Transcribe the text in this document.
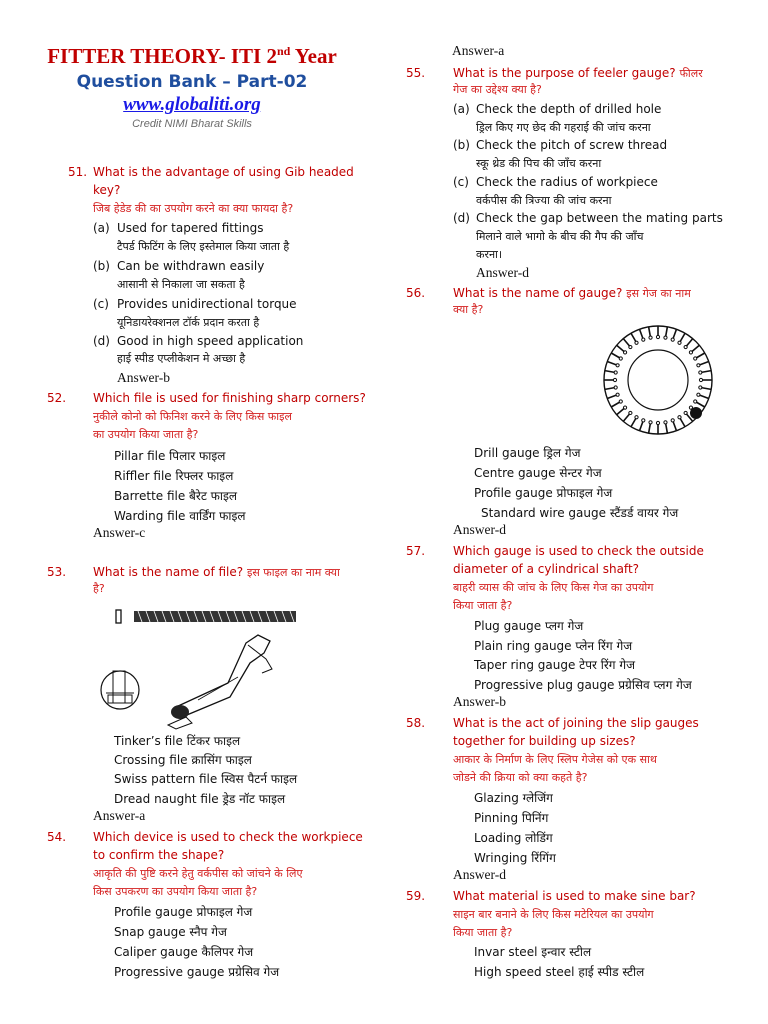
FITTER THEORY- ITI 2nd Year
Question Bank – Part-02
www.globaliti.org
Credit NIMI Bharat Skills
51. What is the advantage of using Gib headed
key?
जिब हेडेड की का उपयोग करने का क्या फायदा है?
(a) Used for tapered fittings
टैपर्ड फिटिंग के लिए इस्तेमाल किया जाता है
(b) Can be withdrawn easily
आसानी से निकाला जा सकता है
(c) Provides unidirectional torque
यूनिडायरेक्शनल टॉर्क प्रदान करता है
(d) Good in high speed application
हाई स्पीड एप्लीकेशन मे अच्छा है
Answer-b
52. Which file is used for finishing sharp corners?
नुकीले कोनो को फिनिश करने के लिए किस फाइल
का उपयोग किया जाता है?
Pillar file पिलार फाइल
Riffler file रिफ्लर फाइल
Barrette file बैरेट फाइल
Warding file वार्डिंग फाइल
Answer-c
53. What is the name of file? इस फाइल का नाम क्या
है?
Tinker’s file टिंकर फाइल
Crossing file क्रासिंग फाइल
Swiss pattern file स्विस पैटर्न फाइल
Dread naught file ड्रेड नॉट फाइल
Answer-a
54. Which device is used to check the workpiece
to confirm the shape?
आकृति की पुष्टि करने हेतु वर्कपीस को जांचने के लिए
किस उपकरण का उपयोग किया जाता है?
Profile gauge प्रोफाइल गेज
Snap gauge स्नैप गेज
Caliper gauge कैलिपर गेज
Progressive gauge प्रग्रेसिव गेज
Answer-a
55. What is the purpose of feeler gauge? फीलर
गेज का उद्देश्य क्या है?
(a) Check the depth of drilled hole
ड्रिल किए गए छेद की गहराई की जांच करना
(b) Check the pitch of screw thread
स्कू थ्रेड की पिच की जाँच करना
(c) Check the radius of workpiece
वर्कपीस की त्रिज्या की जांच करना
(d) Check the gap between the mating parts
मिलाने वाले भागो के बीच की गैप की जाँच
करना।
Answer-d
56. What is the name of gauge? इस गेज का नाम
क्या है?
Drill gauge ड्रिल गेज
Centre gauge सेन्टर गेज
Profile gauge प्रोफाइल गेज
Standard wire gauge स्टैंडर्ड वायर गेज
Answer-d
57. Which gauge is used to check the outside
diameter of a cylindrical shaft?
बाहरी व्यास की जांच के लिए किस गेज का उपयोग
किया जाता है?
Plug gauge प्लग गेज
Plain ring gauge प्लेन रिंग गेज
Taper ring gauge टेपर रिंग गेज
Progressive plug gauge प्रग्रेसिव प्लग गेज
Answer-b
58. What is the act of joining the slip gauges
together for building up sizes?
आकार के निर्माण के लिए स्लिप गेजेस को एक साथ
जोडने की क्रिया को क्या कहते है?
Glazing ग्लेजिंग
Pinning पिनिंग
Loading लोडिंग
Wringing रिंगिंग
Answer-d
59. What material is used to make sine bar?
साइन बार बनाने के लिए किस मटेरियल का उपयोग
किया जाता है?
Invar steel इन्वार स्टील
High speed steel हाई स्पीड स्टील
